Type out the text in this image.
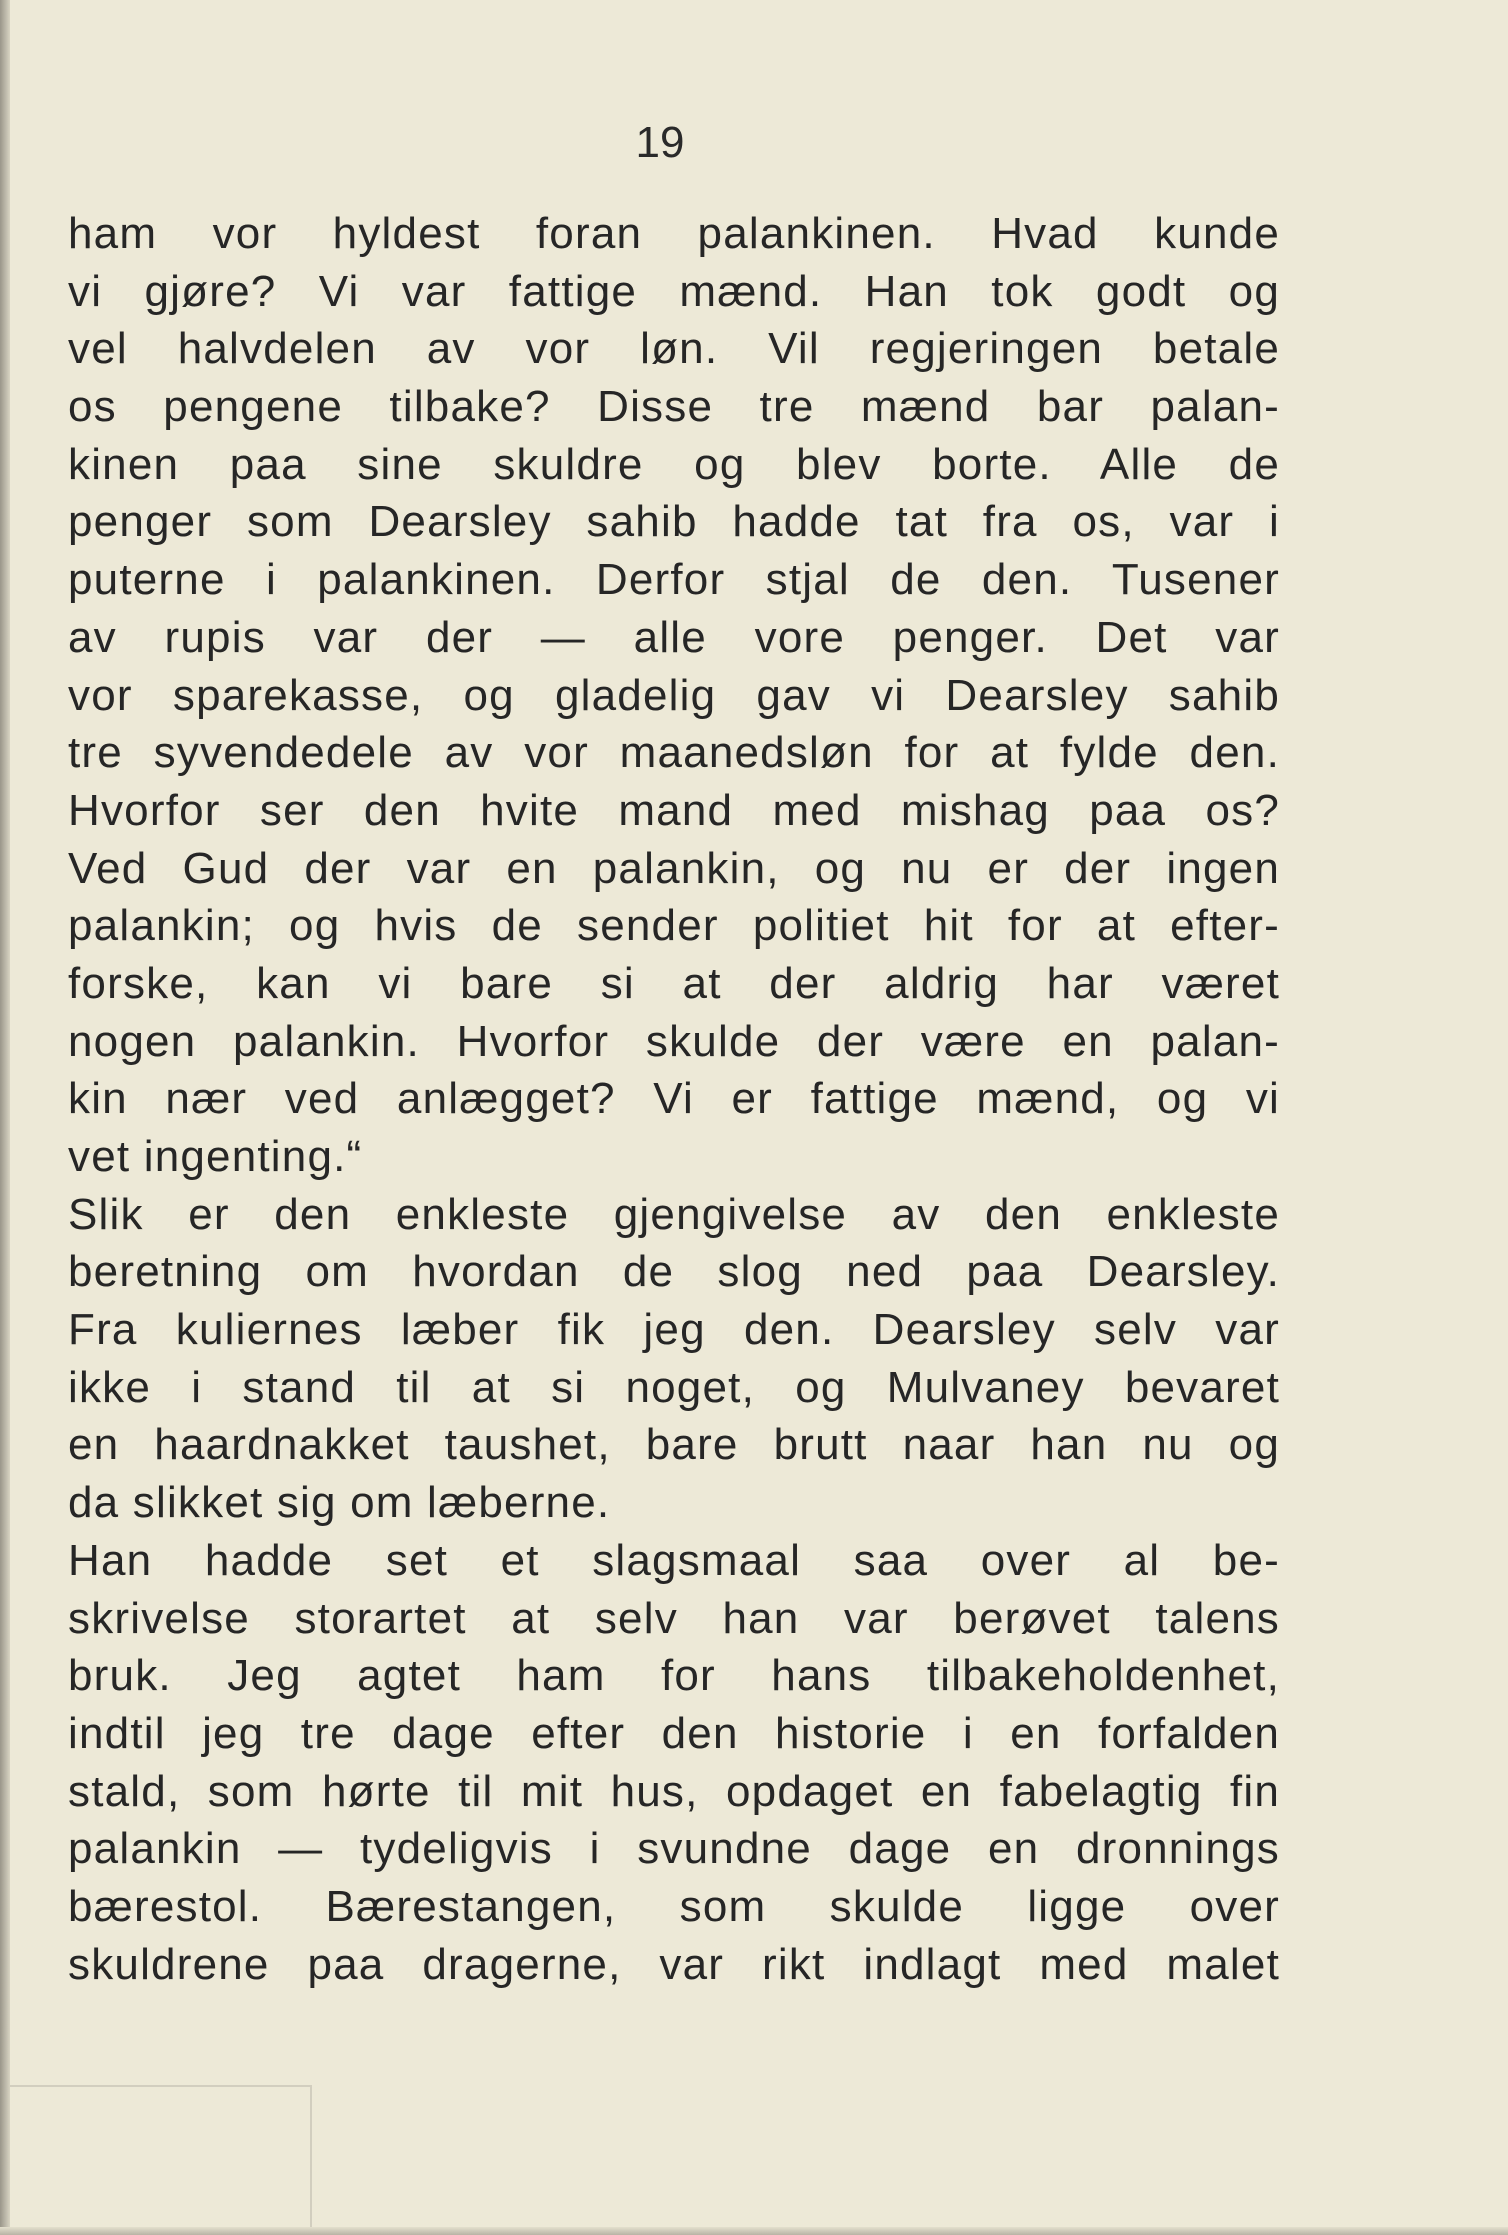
19
ham vor hyldest foran palankinen. Hvad kunde
vi gjøre? Vi var fattige mænd. Han tok godt og
vel halvdelen av vor løn. Vil regjeringen betale
os pengene tilbake? Disse tre mænd bar palan-
kinen paa sine skuldre og blev borte. Alle de
penger som Dearsley sahib hadde tat fra os, var i
puterne i palankinen. Derfor stjal de den. Tusener
av rupis var der — alle vore penger. Det var
vor sparekasse, og gladelig gav vi Dearsley sahib
tre syvendedele av vor maanedsløn for at fylde den.
Hvorfor ser den hvite mand med mishag paa os?
Ved Gud der var en palankin, og nu er der ingen
palankin; og hvis de sender politiet hit for at efter-
forske, kan vi bare si at der aldrig har været
nogen palankin. Hvorfor skulde der være en palan-
kin nær ved anlægget? Vi er fattige mænd, og vi
vet ingenting.“
Slik er den enkleste gjengivelse av den enkleste
beretning om hvordan de slog ned paa Dearsley.
Fra kuliernes læber fik jeg den. Dearsley selv var
ikke i stand til at si noget, og Mulvaney bevaret
en haardnakket taushet, bare brutt naar han nu og
da slikket sig om læberne.
Han hadde set et slagsmaal saa over al be-
skrivelse storartet at selv han var berøvet talens
bruk. Jeg agtet ham for hans tilbakeholdenhet,
indtil jeg tre dage efter den historie i en forfalden
stald, som hørte til mit hus, opdaget en fabelagtig fin
palankin — tydeligvis i svundne dage en dronnings
bærestol. Bærestangen, som skulde ligge over
skuldrene paa dragerne, var rikt indlagt med malet
